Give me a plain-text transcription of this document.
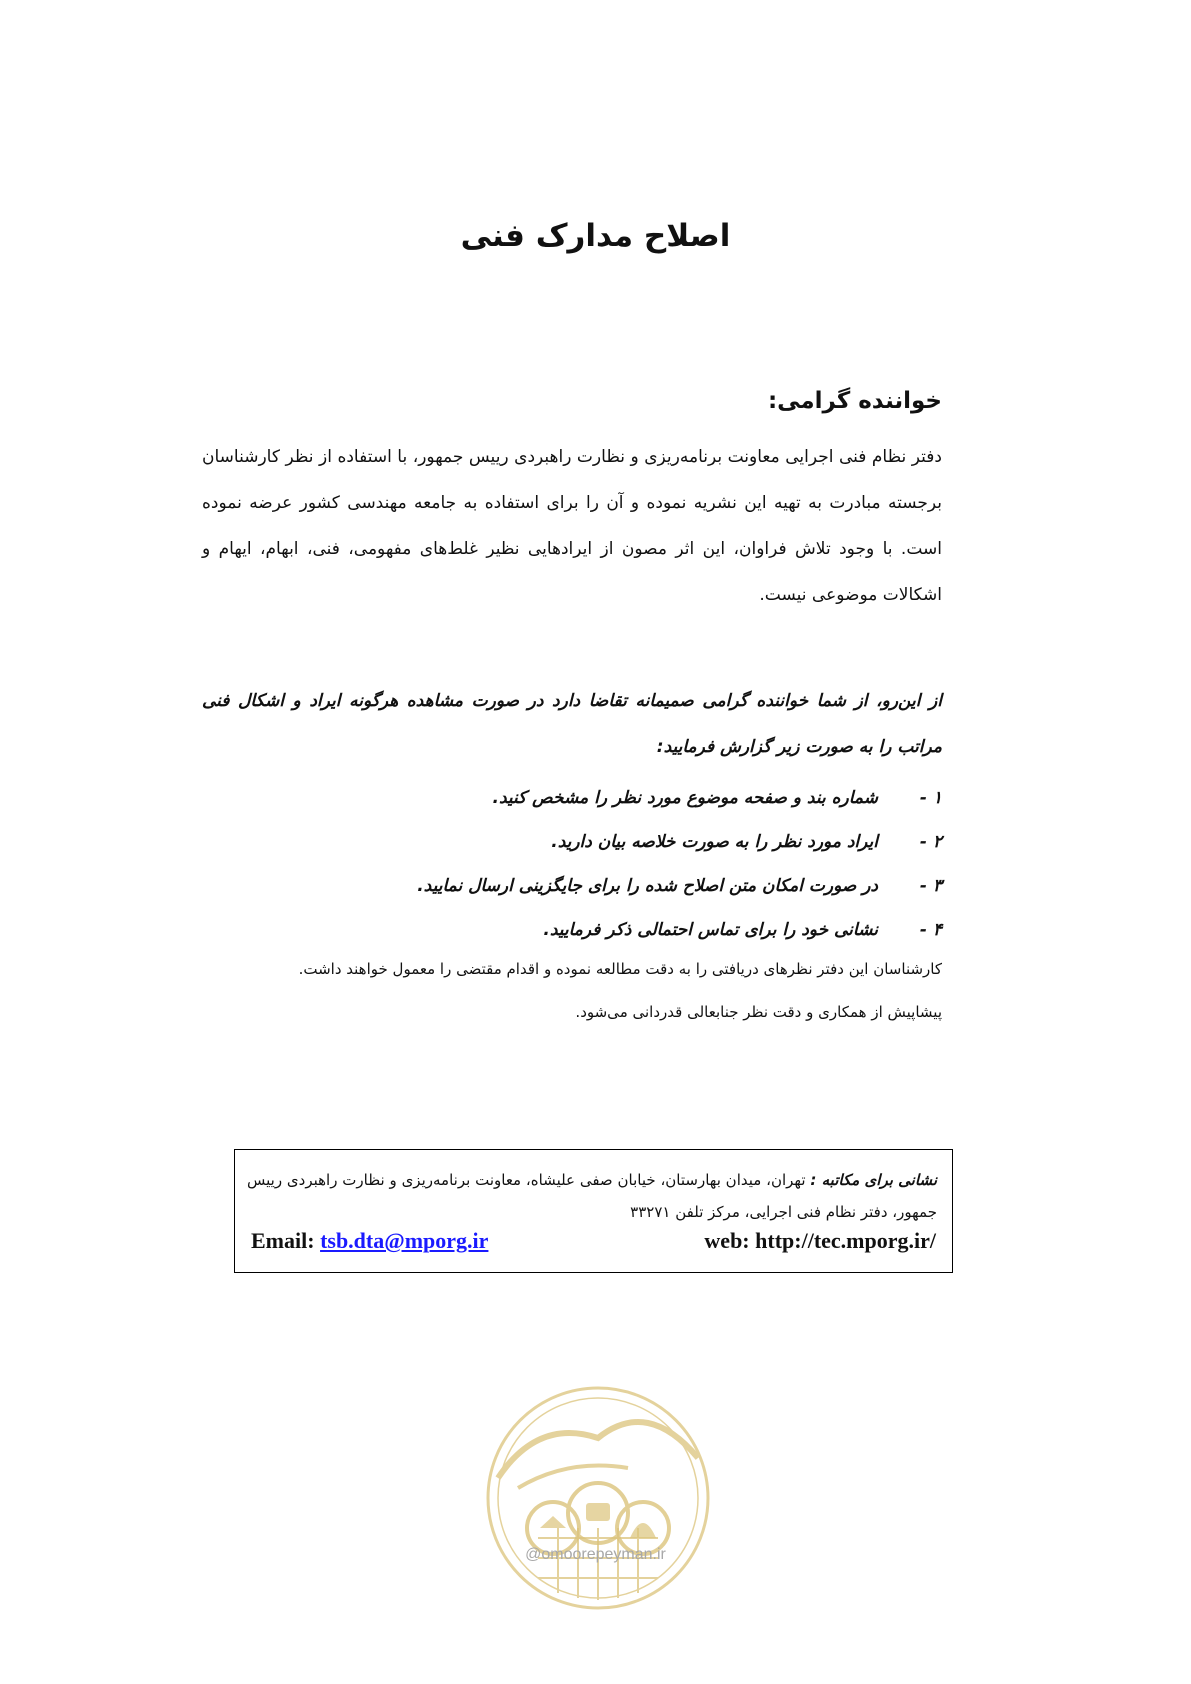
اصلاح مدارک فنی
خواننده گرامی:

دفتر نظام فنی اجرایی معاونت برنامه‌ریزی و نظارت راهبردی رییس جمهور، با استفاده از نظر کارشناسان برجسته مبادرت به تهیه این نشریه نموده و آن را برای استفاده به جامعه مهندسی کشور عرضه نموده است. با وجود تلاش فراوان، این اثر مصون از ایرادهایی نظیر غلط‌های مفهومی، فنی، ابهام، ایهام و اشکالات موضوعی نیست.

از این‌رو، از شما خواننده گرامی صمیمانه تقاضا دارد در صورت مشاهده هرگونه ایراد و اشکال فنی مراتب را به صورت زیر گزارش فرمایید:

۱ -
شماره بند و صفحه موضوع مورد نظر را مشخص کنید.
۲ -
ایراد مورد نظر را به صورت خلاصه بیان دارید.
۳ -
در صورت امکان متن اصلاح شده را برای جایگزینی ارسال نمایید.
۴ -
نشانی خود را برای تماس احتمالی ذکر فرمایید.
کارشناسان این دفتر نظرهای دریافتی را به دقت مطالعه نموده و اقدام مقتضی را معمول خواهند داشت.
پیشاپیش از همکاری و دقت نظر جنابعالی قدردانی می‌شود.

نشانی برای مکاتبه : تهران، میدان بهارستان، خیابان صفی علیشاه، معاونت برنامه‌ریزی و نظارت راهبردی رییس جمهور، دفتر نظام فنی اجرایی، مرکز تلفن ۳۳۲۷۱

Email: tsb.dta@mporg.ir	web: http://tec.mporg.ir/
@omoorepeyman.ir
